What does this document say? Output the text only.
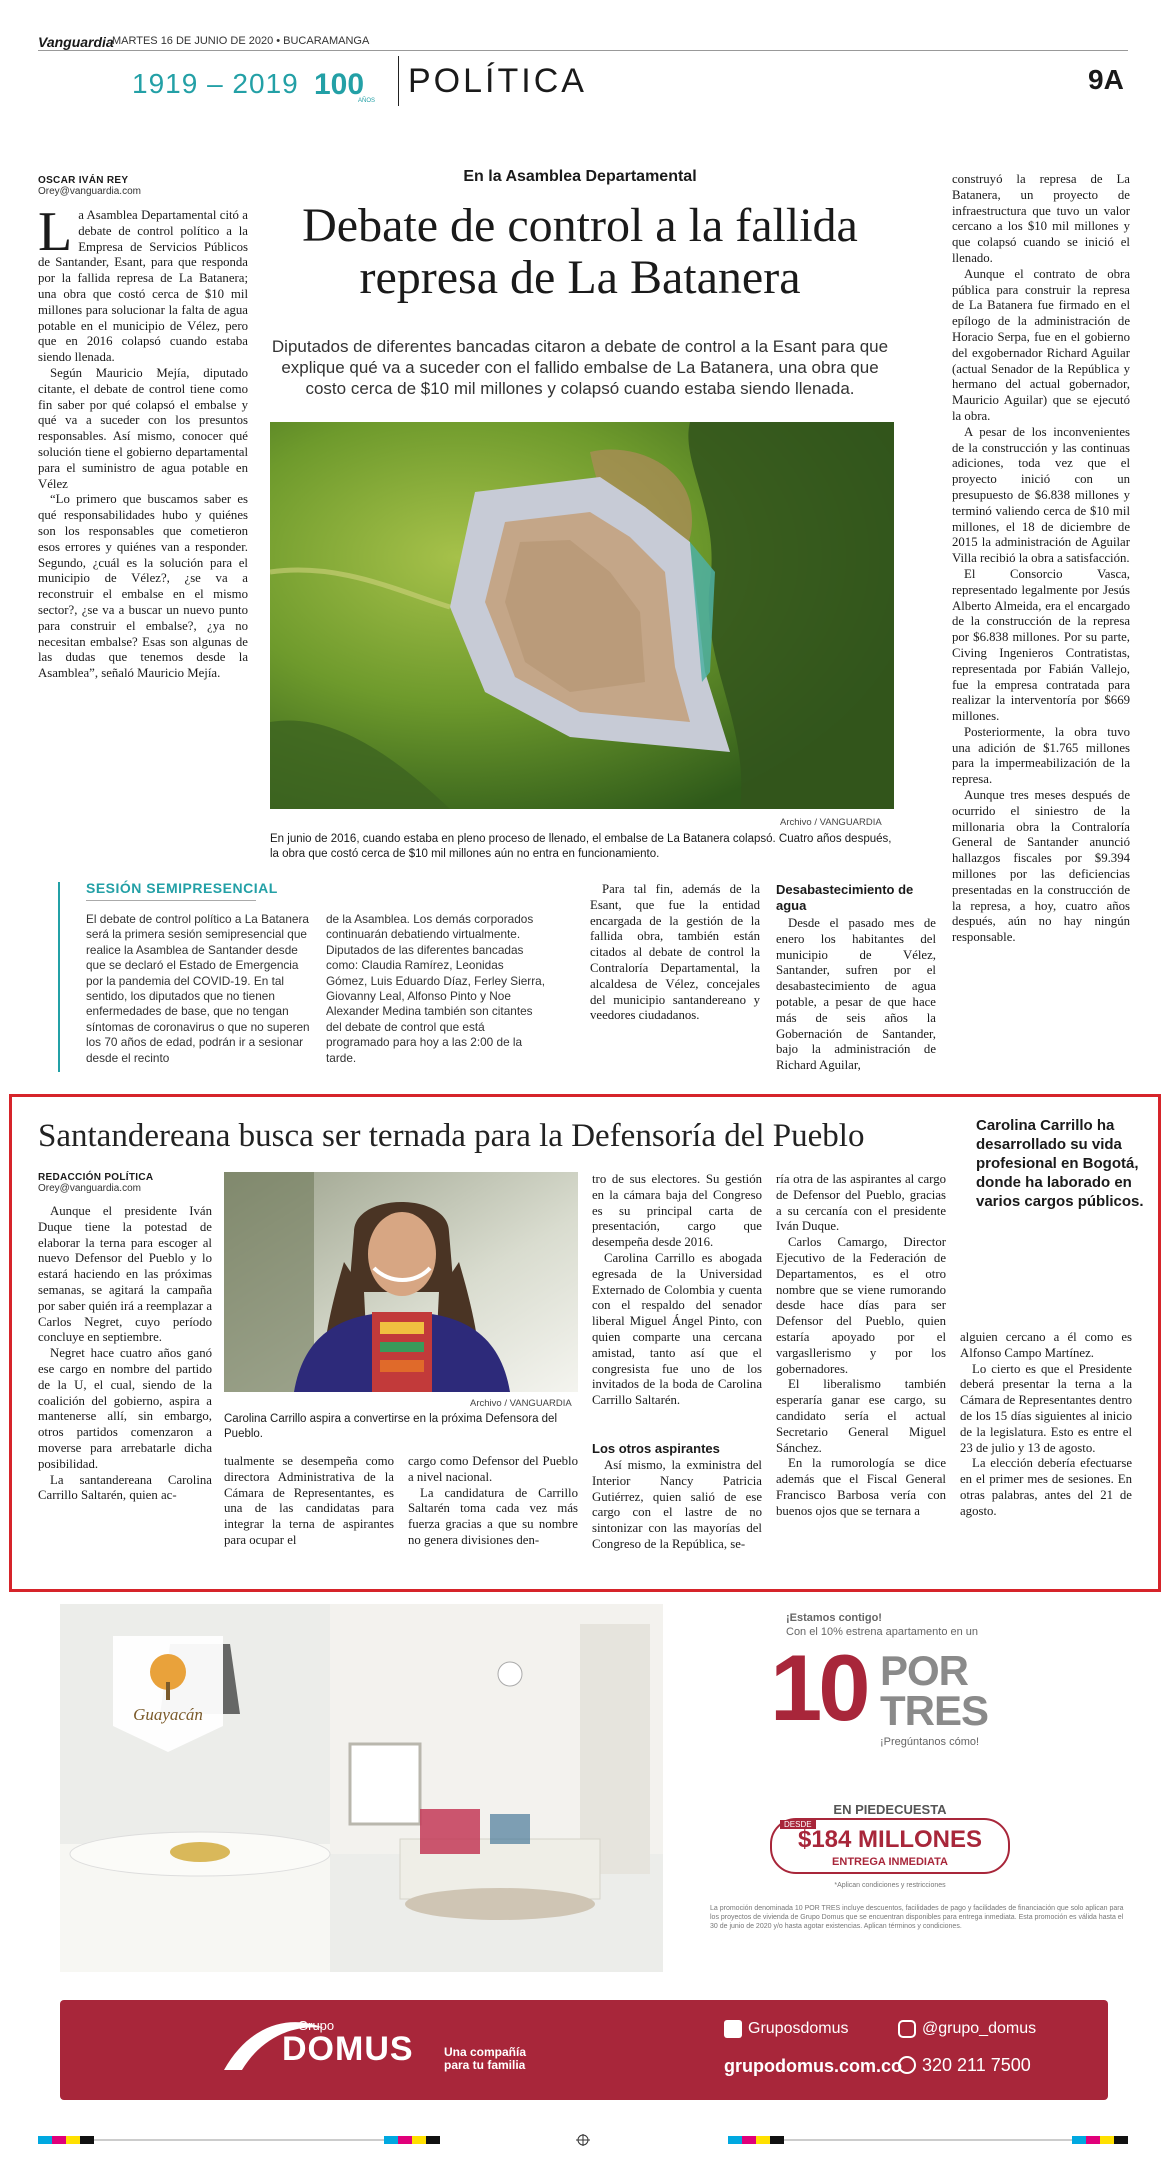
Vanguardia
MARTES 16 DE JUNIO DE 2020 • BUCARAMANGA
1919 – 2019 100
AÑOS
POLÍTICA	9A
OSCAR IVÁN REY
Orey@vanguardia.com

La Asamblea Departamental citó a debate de control político a la Empresa de Servicios Públicos de Santander, Esant, para que responda por la fallida represa de La Batanera; una obra que costó cerca de $10 mil millones para solucionar la falta de agua potable en el municipio de Vélez, pero que en 2016 colapsó cuando estaba siendo llenada.

Según Mauricio Mejía, diputado citante, el debate de control tiene como fin saber por qué colapsó el embalse y qué va a suceder con los presuntos responsables. Así mismo, conocer qué solución tiene el gobierno departamental para el suministro de agua potable en Vélez

“Lo primero que buscamos saber es qué responsabilidades hubo y quiénes son los responsables que cometieron esos errores y quiénes van a responder. Segundo, ¿cuál es la solución para el municipio de Vélez?, ¿se va a reconstruir el embalse en el mismo sector?, ¿se va a buscar un nuevo punto para construir el embalse?, ¿ya no necesitan embalse? Esas son algunas de las dudas que tenemos desde la Asamblea”, señaló Mauricio Mejía.

En la Asamblea Departamental
Debate de control a la fallida represa de La Batanera
Diputados de diferentes bancadas citaron a debate de control a la Esant para que explique qué va a suceder con el fallido embalse de La Batanera, una obra que costo cerca de $10 mil millones y colapsó cuando estaba siendo llenada.
Archivo / VANGUARDIA
En junio de 2016, cuando estaba en pleno proceso de llenado, el embalse de La Batanera colapsó. Cuatro años después, la obra que costó cerca de $10 mil millones aún no entra en funcionamiento.
SESIÓN SEMIPRESENCIAL
El debate de control político a La Batanera será la primera sesión semipresencial que realice la Asamblea de Santander desde que se declaró el Estado de Emergencia por la pandemia del COVID-19. En tal sentido, los diputados que no tienen enfermedades de base, que no tengan síntomas de coronavirus o que no superen los 70 años de edad, podrán ir a sesionar desde el recinto
de la Asamblea. Los demás corporados continuarán debatiendo virtualmente. Diputados de las diferentes bancadas como: Claudia Ramírez, Leonidas Gómez, Luis Eduardo Díaz, Ferley Sierra, Giovanny Leal, Alfonso Pinto y Noe Alexander Medina también son citantes del debate de control que está programado para hoy a las 2:00 de la tarde.

Para tal fin, además de la Esant, que fue la entidad encargada de la gestión de la fallida obra, también están citados al debate de control la Contraloría Departamental, la alcaldesa de Vélez, concejales del municipio santandereano y veedores ciudadanos.

Desabastecimiento de agua

Desde el pasado mes de enero los habitantes del municipio de Vélez, Santander, sufren por el desabastecimiento de agua potable, a pesar de que hace más de seis años la Gobernación de Santander, bajo la administración de Richard Aguilar,

construyó la represa de La Batanera, un proyecto de infraestructura que tuvo un valor cercano a los $10 mil millones y que colapsó cuando se inició el llenado.

Aunque el contrato de obra pública para construir la represa de La Batanera fue firmado en el epílogo de la administración de Horacio Serpa, fue en el gobierno del exgobernador Richard Aguilar (actual Senador de la República y hermano del actual gobernador, Mauricio Aguilar) que se ejecutó la obra.

A pesar de los inconvenientes de la construcción y las continuas adiciones, toda vez que el proyecto inició con un presupuesto de $6.838 millones y terminó valiendo cerca de $10 mil millones, el 18 de diciembre de 2015 la administración de Aguilar Villa recibió la obra a satisfacción.

El Consorcio Vasca, representado legalmente por Jesús Alberto Almeida, era el encargado de la construcción de la represa por $6.838 millones. Por su parte, Civing Ingenieros Contratistas, representada por Fabián Vallejo, fue la empresa contratada para realizar la interventoría por $669 millones.

Posteriormente, la obra tuvo una adición de $1.765 millones para la impermeabilización de la represa.

Aunque tres meses después de ocurrido el siniestro de la millonaria obra la Contraloría General de Santander anunció hallazgos fiscales por $9.394 millones por las deficiencias presentadas en la construcción de la represa, a hoy, cuatro años después, aún no hay ningún responsable.

Santandereana busca ser ternada para la Defensoría del Pueblo	Carolina Carrillo ha desarrollado su vida profesional en Bogotá, donde ha laborado en varios cargos públicos.
REDACCIÓN POLÍTICA
Orey@vanguardia.com

Aunque el presidente Iván Duque tiene la potestad de elaborar la terna para escoger al nuevo Defensor del Pueblo y lo estará haciendo en las próximas semanas, se agitará la campaña por saber quién irá a reemplazar a Carlos Negret, cuyo período concluye en septiembre.

Negret hace cuatro años ganó ese cargo en nombre del partido de la U, el cual, siendo de la coalición del gobierno, aspira a mantenerse allí, sin embargo, otros partidos comenzaron a moverse para arrebatarle dicha posibilidad.

La santandereana Carolina Carrillo Saltarén, quien ac-

Archivo / VANGUARDIA
Carolina Carrillo aspira a convertirse en la próxima Defensora del Pueblo.

tualmente se desempeña como directora Administrativa de la Cámara de Representantes, es una de las candidatas para integrar la terna de aspirantes para ocupar el

cargo como Defensor del Pueblo a nivel nacional.

La candidatura de Carrillo Saltarén toma cada vez más fuerza gracias a que su nombre no genera divisiones den-

tro de sus electores. Su gestión en la cámara baja del Congreso es su principal carta de presentación, cargo que desempeña desde 2016.

Carolina Carrillo es abogada egresada de la Universidad Externado de Colombia y cuenta con el respaldo del senador liberal Miguel Ángel Pinto, con quien comparte una cercana amistad, tanto así que el congresista fue uno de los invitados de la boda de Carolina Carrillo Saltarén.

Los otros aspirantes

Así mismo, la exministra del Interior Nancy Patricia Gutiérrez, quien salió de ese cargo con el lastre de no sintonizar con las mayorías del Congreso de la República, se-

ría otra de las aspirantes al cargo de Defensor del Pueblo, gracias a su cercanía con el presidente Iván Duque.

Carlos Camargo, Director Ejecutivo de la Federación de Departamentos, es el otro nombre que se viene rumorando desde hace días para ser Defensor del Pueblo, quien estaría apoyado por el vargasllerismo y por los gobernadores.

El liberalismo también esperaría ganar ese cargo, su candidato sería el actual Secretario General Miguel Sánchez.

En la rumorología se dice además que el Fiscal General Francisco Barbosa vería con buenos ojos que se ternara a

alguien cercano a él como es Alfonso Campo Martínez.

Lo cierto es que el Presidente deberá presentar la terna a la Cámara de Representantes dentro de los 15 días siguientes al inicio de la legislatura. Esto es entre el 23 de julio y 13 de agosto.

La elección debería efectuarse en el primer mes de sesiones. En otras palabras, antes del 21 de agosto.

Guayacán
¡Estamos contigo!
Con el 10% estrena apartamento en un
10 POR
TRES
¡Pregúntanos cómo!
EN PIEDECUESTA
DESDE
$184 MILLONES
ENTREGA INMEDIATA
*Aplican condiciones y restricciones
La promoción denominada 10 POR TRES incluye descuentos, facilidades de pago y facilidades de financiación que solo aplican para los proyectos de vivienda de Grupo Domus que se encuentran disponibles para entrega inmediata. Esta promoción es válida hasta el 30 de junio de 2020 y/o hasta agotar existencias. Aplican términos y condiciones.
Grupo
DOMUS	Una compañía para tu familia
Gruposdomus	@grupo_domus
grupodomus.com.co 320 211 7500
